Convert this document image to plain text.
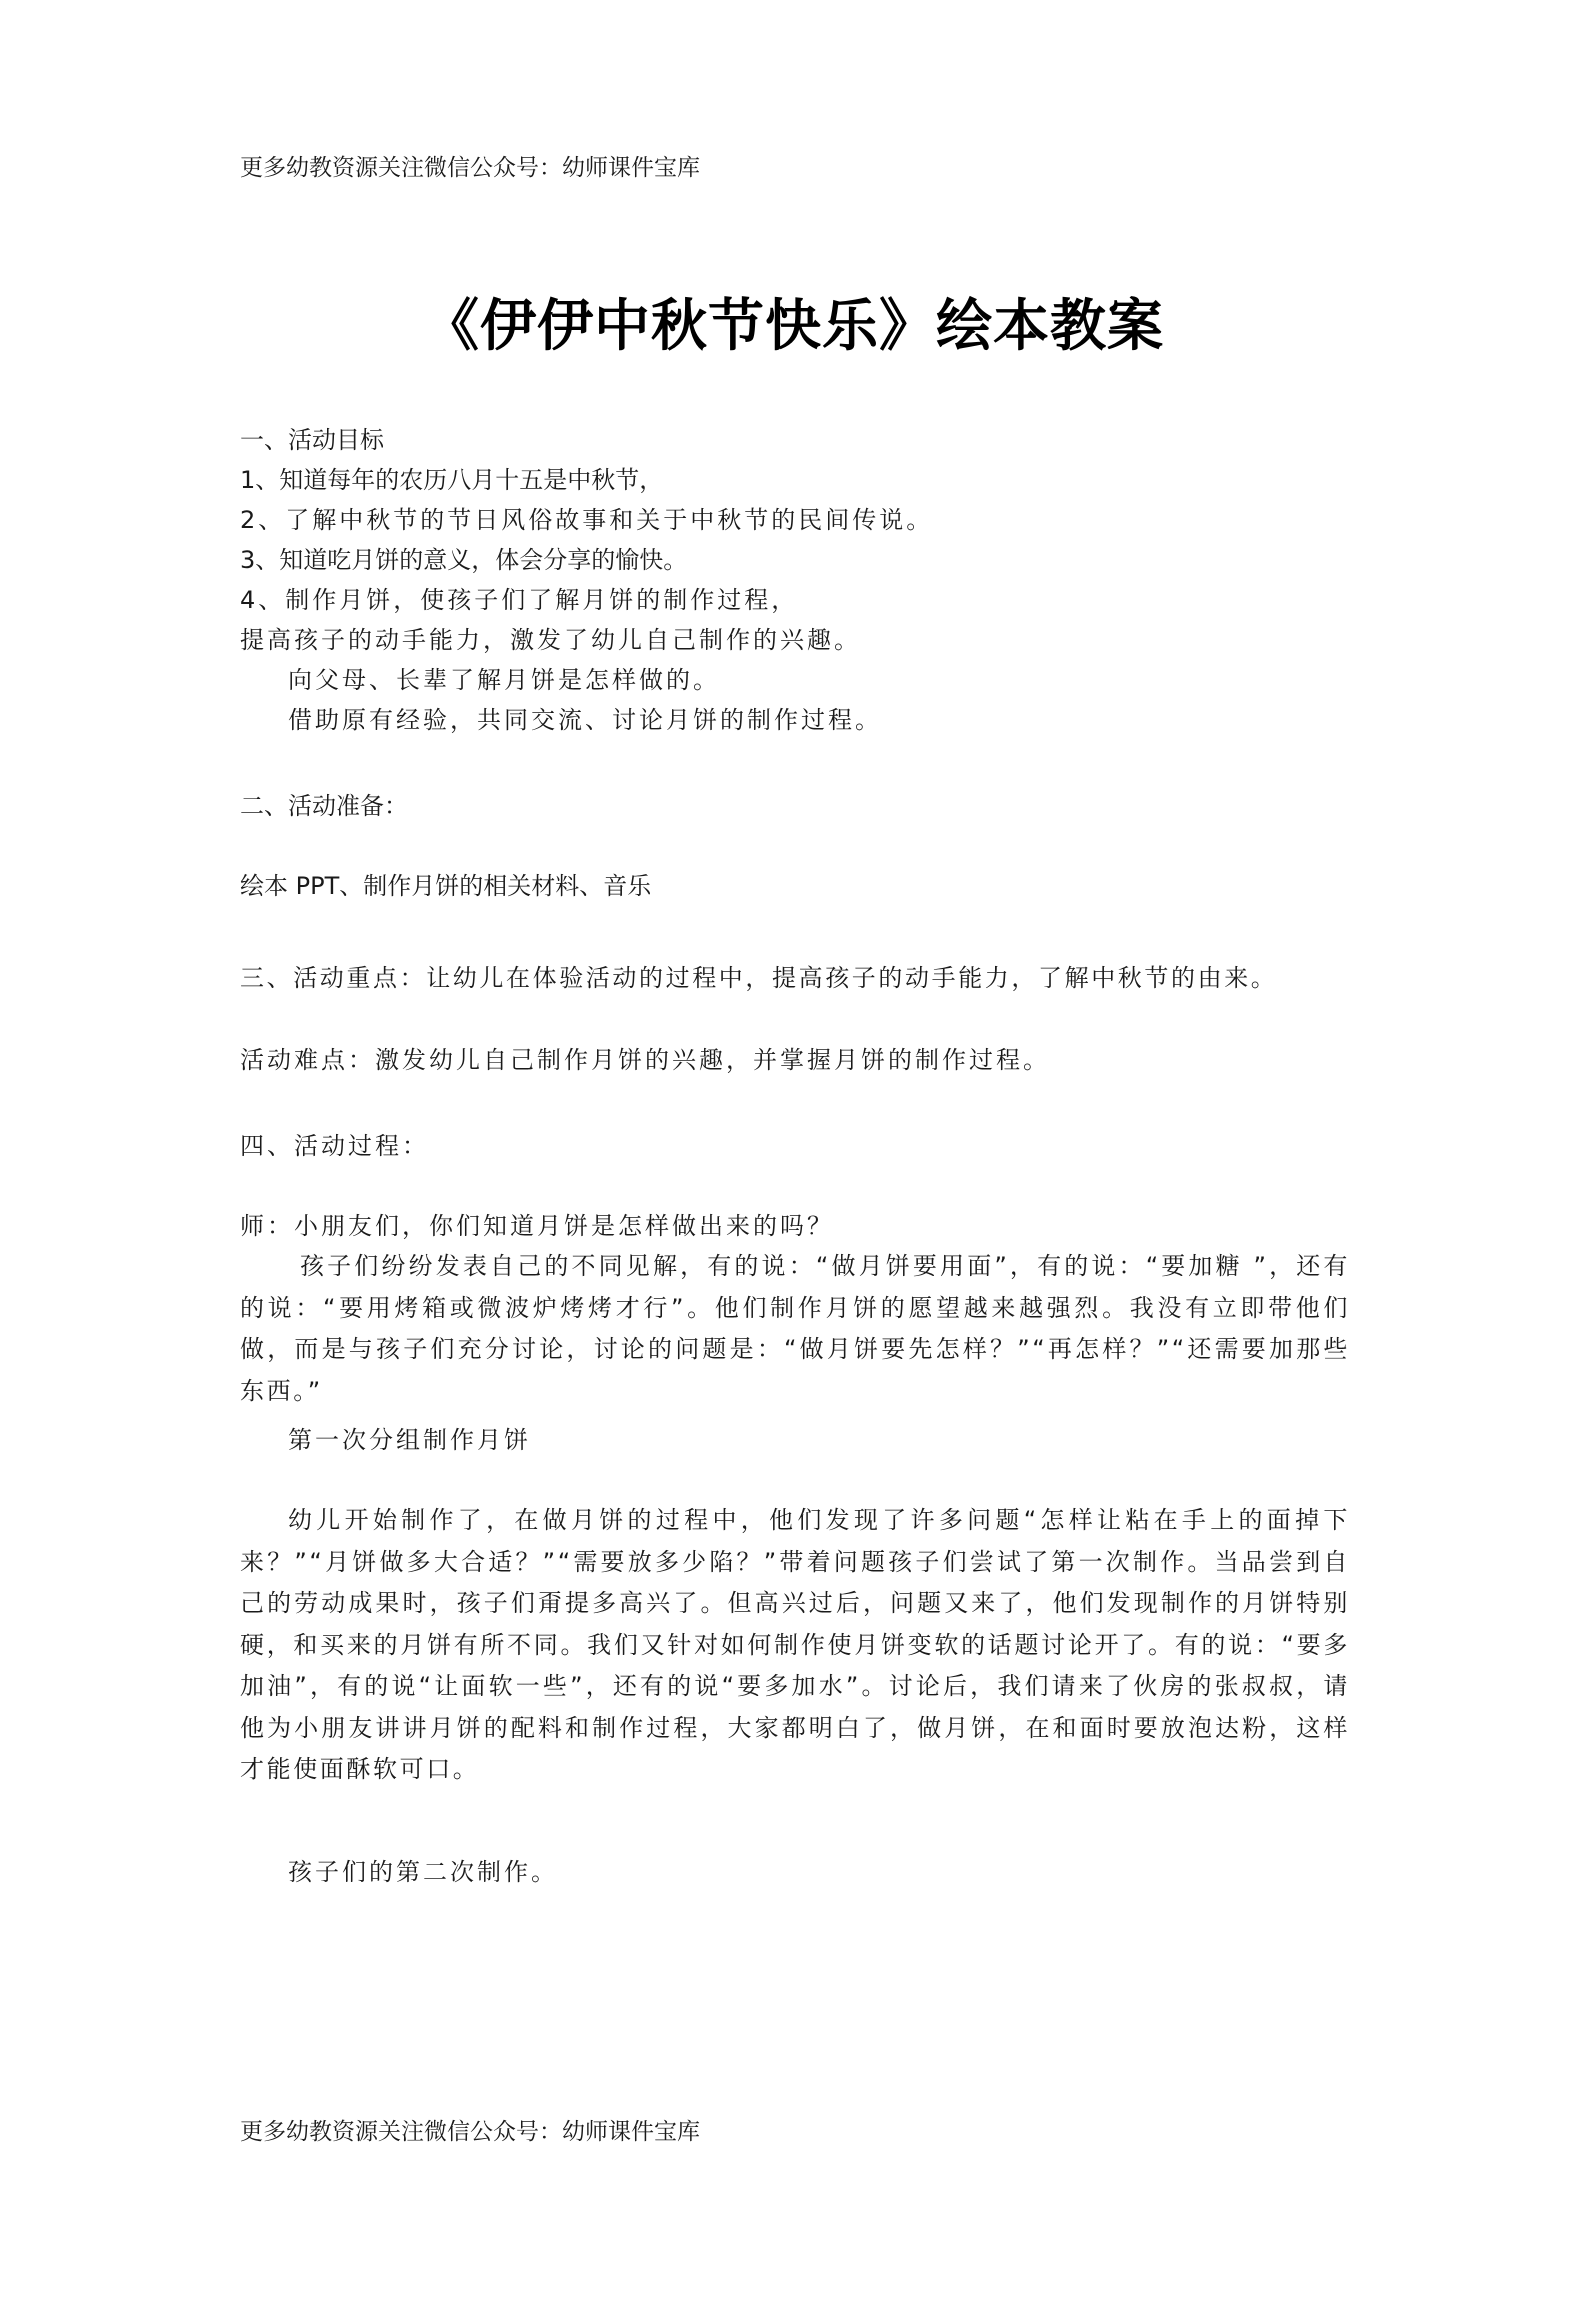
更多幼教资源关注微信公众号：幼师课件宝库
《伊伊中秋节快乐》绘本教案
一、活动目标
1、知道每年的农历八月十五是中秋节，
2、了解中秋节的节日风俗故事和关于中秋节的民间传说。
3、知道吃月饼的意义，体会分享的愉快。
4、制作月饼，使孩子们了解月饼的制作过程，
提高孩子的动手能力，激发了幼儿自己制作的兴趣。
向父母、长辈了解月饼是怎样做的。
借助原有经验，共同交流、讨论月饼的制作过程。
二、活动准备：
绘本 PPT、制作月饼的相关材料、音乐
三、活动重点：让幼儿在体验活动的过程中，提高孩子的动手能力，了解中秋节的由来。
活动难点：激发幼儿自己制作月饼的兴趣，并掌握月饼的制作过程。
四、活动过程：
师：小朋友们，你们知道月饼是怎样做出来的吗？
孩子们纷纷发表自己的不同见解，有的说：“做月饼要用面”，有的说：“要加糖 ”，还有的说：“要用烤箱或微波炉烤烤才行”。他们制作月饼的愿望越来越强烈。我没有立即带他们做，而是与孩子们充分讨论，讨论的问题是：“做月饼要先怎样？”“再怎样？”“还需要加那些东西。”
第一次分组制作月饼
幼儿开始制作了，在做月饼的过程中，他们发现了许多问题“怎样让粘在手上的面掉下来？”“月饼做多大合适？”“需要放多少陷？”带着问题孩子们尝试了第一次制作。当品尝到自己的劳动成果时，孩子们甭提多高兴了。但高兴过后，问题又来了，他们发现制作的月饼特别硬，和买来的月饼有所不同。我们又针对如何制作使月饼变软的话题讨论开了。有的说：“要多加油”，有的说“让面软一些”，还有的说“要多加水”。讨论后，我们请来了伙房的张叔叔，请他为小朋友讲讲月饼的配料和制作过程，大家都明白了，做月饼，在和面时要放泡达粉，这样才能使面酥软可口。
孩子们的第二次制作。
更多幼教资源关注微信公众号：幼师课件宝库
